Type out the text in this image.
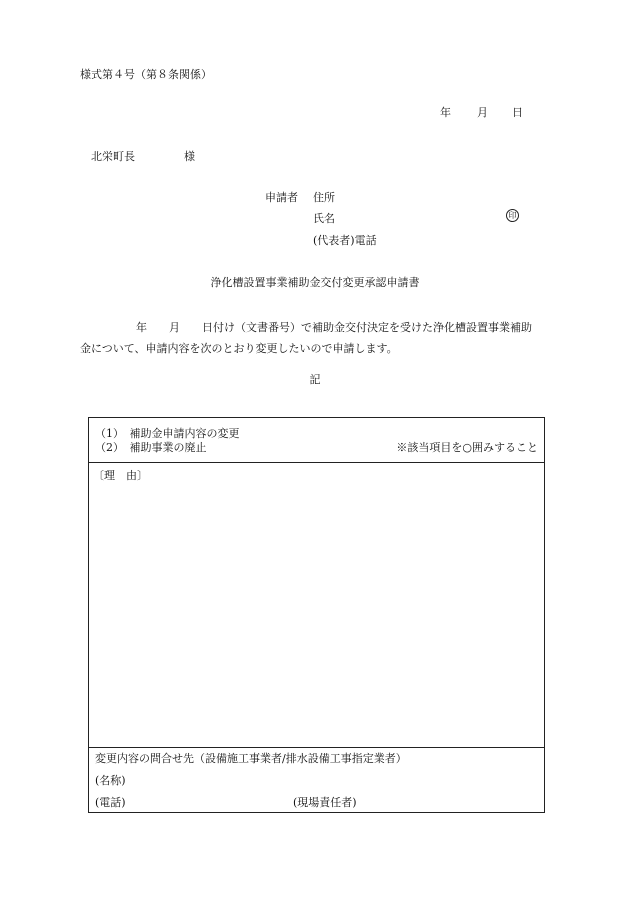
様式第４号（第８条関係）
年 月 日
北栄町長	様
申請者 住所
氏名	印
(代表者)電話
浄化槽設置事業補助金交付変更承認申請書
年 月 日付け（文書番号）で補助金交付決定を受けた浄化槽設置事業補助
金について、申請内容を次のとおり変更したいので申請します。
記
（1）　補助金申請内容の変更
（2）　補助事業の廃止	※該当項目を○囲みすること
〔理　由〕
変更内容の問合せ先（設備施工事業者/排水設備工事指定業者）
(名称)
(電話)	(現場責任者)
